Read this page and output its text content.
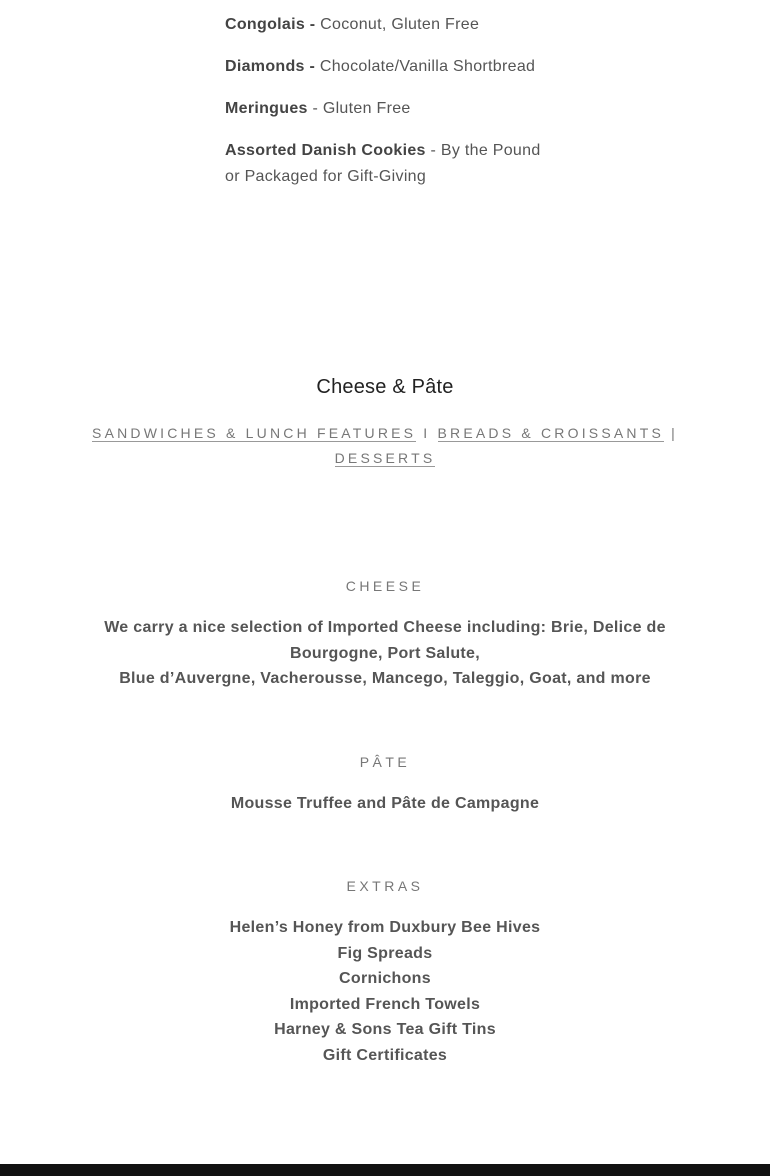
Congolais - Coconut, Gluten Free

Diamonds - Chocolate/Vanilla Shortbread

Meringues - Gluten Free

Assorted Danish Cookies - By the Pound or Packaged for Gift-Giving

Cheese & Pâte
SANDWICHES & LUNCH FEATURES I BREADS & CROISSANTS |
DESSERTS
CHEESE
We carry a nice selection of Imported Cheese including: Brie, Delice de Bourgogne, Port Salute,
Blue d’Auvergne, Vacherousse, Mancego, Taleggio, Goat, and more
PÂTE
Mousse Truffee and Pâte de Campagne
EXTRAS
Helen’s Honey from Duxbury Bee Hives
Fig Spreads
Cornichons
Imported French Towels
Harney & Sons Tea Gift Tins
Gift Certificates
